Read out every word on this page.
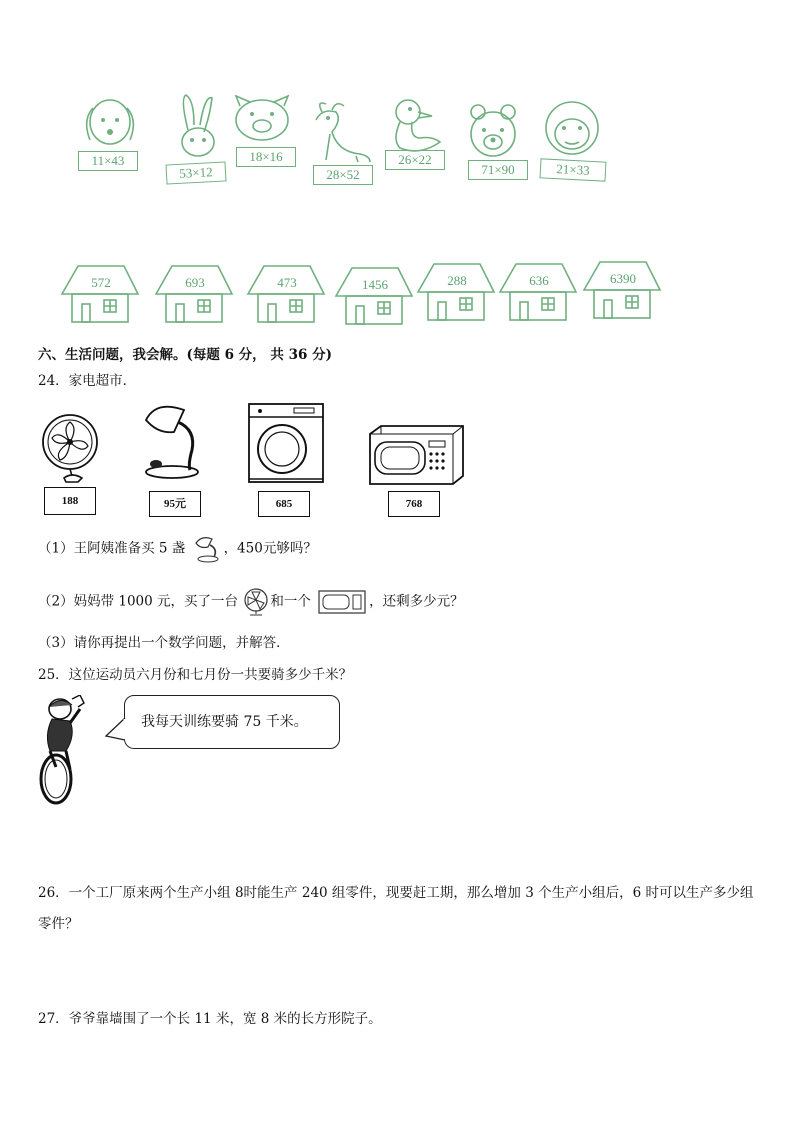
11×43
53×12
18×16
28×52
26×22
71×90	21×33
572	693	473	1456	288	636	6390
六、生活问题，我会解。(每题 6 分， 共 36 分)
24．家电超市．
188	95元	685	768
（1）王阿姨准备买 5 盏	，450元够吗？
（2）妈妈带 1000 元，买了一台 和一个	，还剩多少元？
（3）请你再提出一个数学问题，并解答．
25．这位运动员六月份和七月份一共要骑多少千米？
我每天训练要骑 75 千米。
26．一个工厂原来两个生产小组 8时能生产 240 组零件，现要赶工期，那么增加 3 个生产小组后，6 时可以生产多少组
零件？
27．爷爷靠墙围了一个长 11 米，宽 8 米的长方形院子。
